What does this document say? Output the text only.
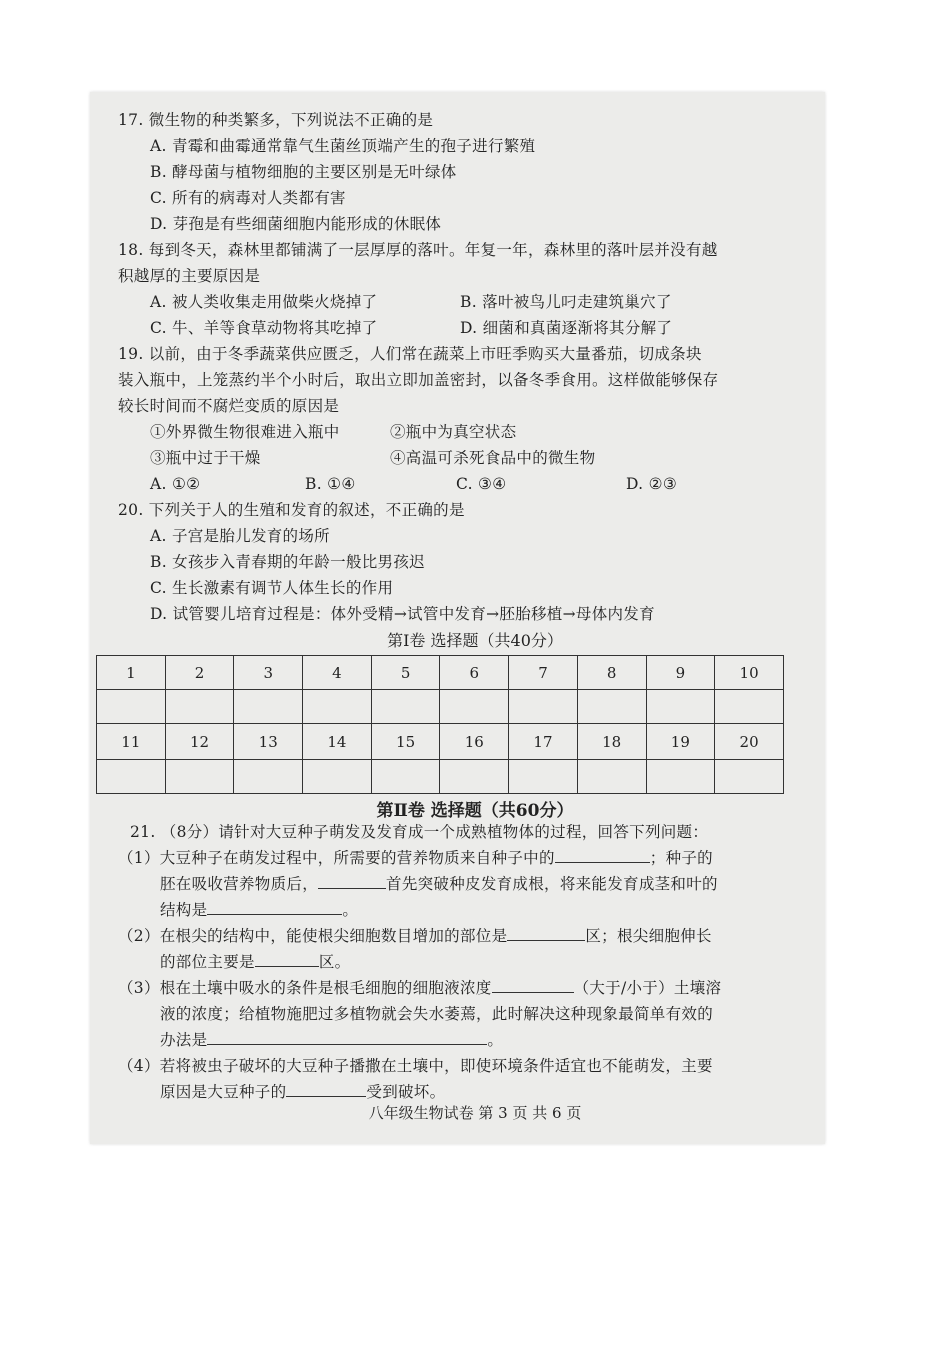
17. 微生物的种类繁多，下列说法不正确的是
A. 青霉和曲霉通常靠气生菌丝顶端产生的孢子进行繁殖
B. 酵母菌与植物细胞的主要区别是无叶绿体
C. 所有的病毒对人类都有害
D. 芽孢是有些细菌细胞内能形成的休眠体
18. 每到冬天，森林里都铺满了一层厚厚的落叶。年复一年，森林里的落叶层并没有越
积越厚的主要原因是
A. 被人类收集走用做柴火烧掉了	B. 落叶被鸟儿叼走建筑巢穴了
C. 牛、羊等食草动物将其吃掉了	D. 细菌和真菌逐渐将其分解了
19. 以前，由于冬季蔬菜供应匮乏，人们常在蔬菜上市旺季购买大量番茄，切成条块
装入瓶中，上笼蒸约半个小时后，取出立即加盖密封，以备冬季食用。这样做能够保存
较长时间而不腐烂变质的原因是
①外界微生物很难进入瓶中	②瓶中为真空状态
③瓶中过于干燥	④高温可杀死食品中的微生物
A. ①②	B. ①④	C. ③④	D. ②③
20. 下列关于人的生殖和发育的叙述，不正确的是
A. 子宫是胎儿发育的场所
B. 女孩步入青春期的年龄一般比男孩迟
C. 生长激素有调节人体生长的作用
D. 试管婴儿培育过程是：体外受精→试管中发育→胚胎移植→母体内发育
第Ⅰ卷 选择题（共40分）
1	2	3	4	5	6	7	8	9	10

11	12	13	14	15	16	17	18	19	20

第Ⅱ卷 选择题（共60分）
21. （8分）请针对大豆种子萌发及发育成一个成熟植物体的过程，回答下列问题：
（1）大豆种子在萌发过程中，所需要的营养物质来自种子中的	；种子的
胚在吸收营养物质后，	首先突破种皮发育成根，将来能发育成茎和叶的
结构是	。
（2）在根尖的结构中，能使根尖细胞数目增加的部位是	区；根尖细胞伸长
的部位主要是	区。
（3）根在土壤中吸水的条件是根毛细胞的细胞液浓度	（大于/小于）土壤溶
液的浓度；给植物施肥过多植物就会失水萎蔫，此时解决这种现象最简单有效的
办法是	。
（4）若将被虫子破坏的大豆种子播撒在土壤中，即使环境条件适宜也不能萌发，主要
原因是大豆种子的	受到破坏。
八年级生物试卷 第 3 页 共 6 页
